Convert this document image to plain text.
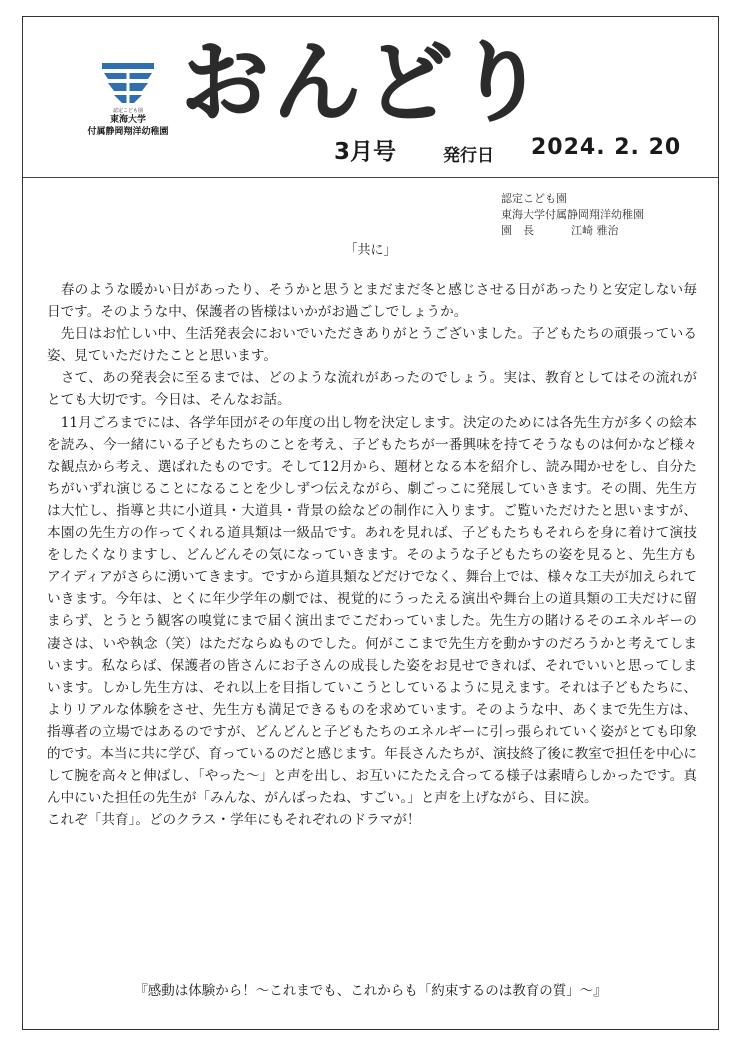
認定こども園
東海大学
付属静岡翔洋幼稚園 おんどり
3月号	発行日 2024. 2. 20
認定こども園
東海大学付属静岡翔洋幼稚園
園　長	江崎 雅治
「共に」

　春のような暖かい日があったり、そうかと思うとまだまだ冬と感じさせる日があったりと安定しない毎日です。そのような中、保護者の皆様はいかがお過ごしでしょうか。

　先日はお忙しい中、生活発表会においでいただきありがとうございました。子どもたちの頑張っている姿、見ていただけたことと思います。

　さて、あの発表会に至るまでは、どのような流れがあったのでしょう。実は、教育としてはその流れがとても大切です。今日は、そんなお話。

　11月ごろまでには、各学年団がその年度の出し物を決定します。決定のためには各先生方が多くの絵本を読み、今一緒にいる子どもたちのことを考え、子どもたちが一番興味を持てそうなものは何かなど様々な観点から考え、選ばれたものです。そして12月から、題材となる本を紹介し、読み聞かせをし、自分たちがいずれ演じることになることを少しずつ伝えながら、劇ごっこに発展していきます。その間、先生方は大忙し、指導と共に小道具・大道具・背景の絵などの制作に入ります。ご覧いただけたと思いますが、本園の先生方の作ってくれる道具類は一級品です。あれを見れば、子どもたちもそれらを身に着けて演技をしたくなりますし、どんどんその気になっていきます。そのような子どもたちの姿を見ると、先生方もアイディアがさらに湧いてきます。ですから道具類などだけでなく、舞台上では、様々な工夫が加えられていきます。今年は、とくに年少学年の劇では、視覚的にうったえる演出や舞台上の道具類の工夫だけに留まらず、とうとう観客の嗅覚にまで届く演出までこだわっていました。先生方の賭けるそのエネルギーの凄さは、いや執念（笑）はただならぬものでした。何がここまで先生方を動かすのだろうかと考えてしまいます。私ならば、保護者の皆さんにお子さんの成長した姿をお見せできれば、それでいいと思ってしまいます。しかし先生方は、それ以上を目指していこうとしているように見えます。それは子どもたちに、よりリアルな体験をさせ、先生方も満足できるものを求めています。そのような中、あくまで先生方は、指導者の立場ではあるのですが、どんどんと子どもたちのエネルギーに引っ張られていく姿がとても印象的です。本当に共に学び、育っているのだと感じます。年長さんたちが、演技終了後に教室で担任を中心にして腕を高々と伸ばし、「やった〜」と声を出し、お互いにたたえ合ってる様子は素晴らしかったです。真ん中にいた担任の先生が「みんな、がんばったね、すごい。」と声を上げながら、目に涙。

これぞ「共育」。どのクラス・学年にもそれぞれのドラマが！

『感動は体験から！〜これまでも、これからも「約束するのは教育の質」〜』
